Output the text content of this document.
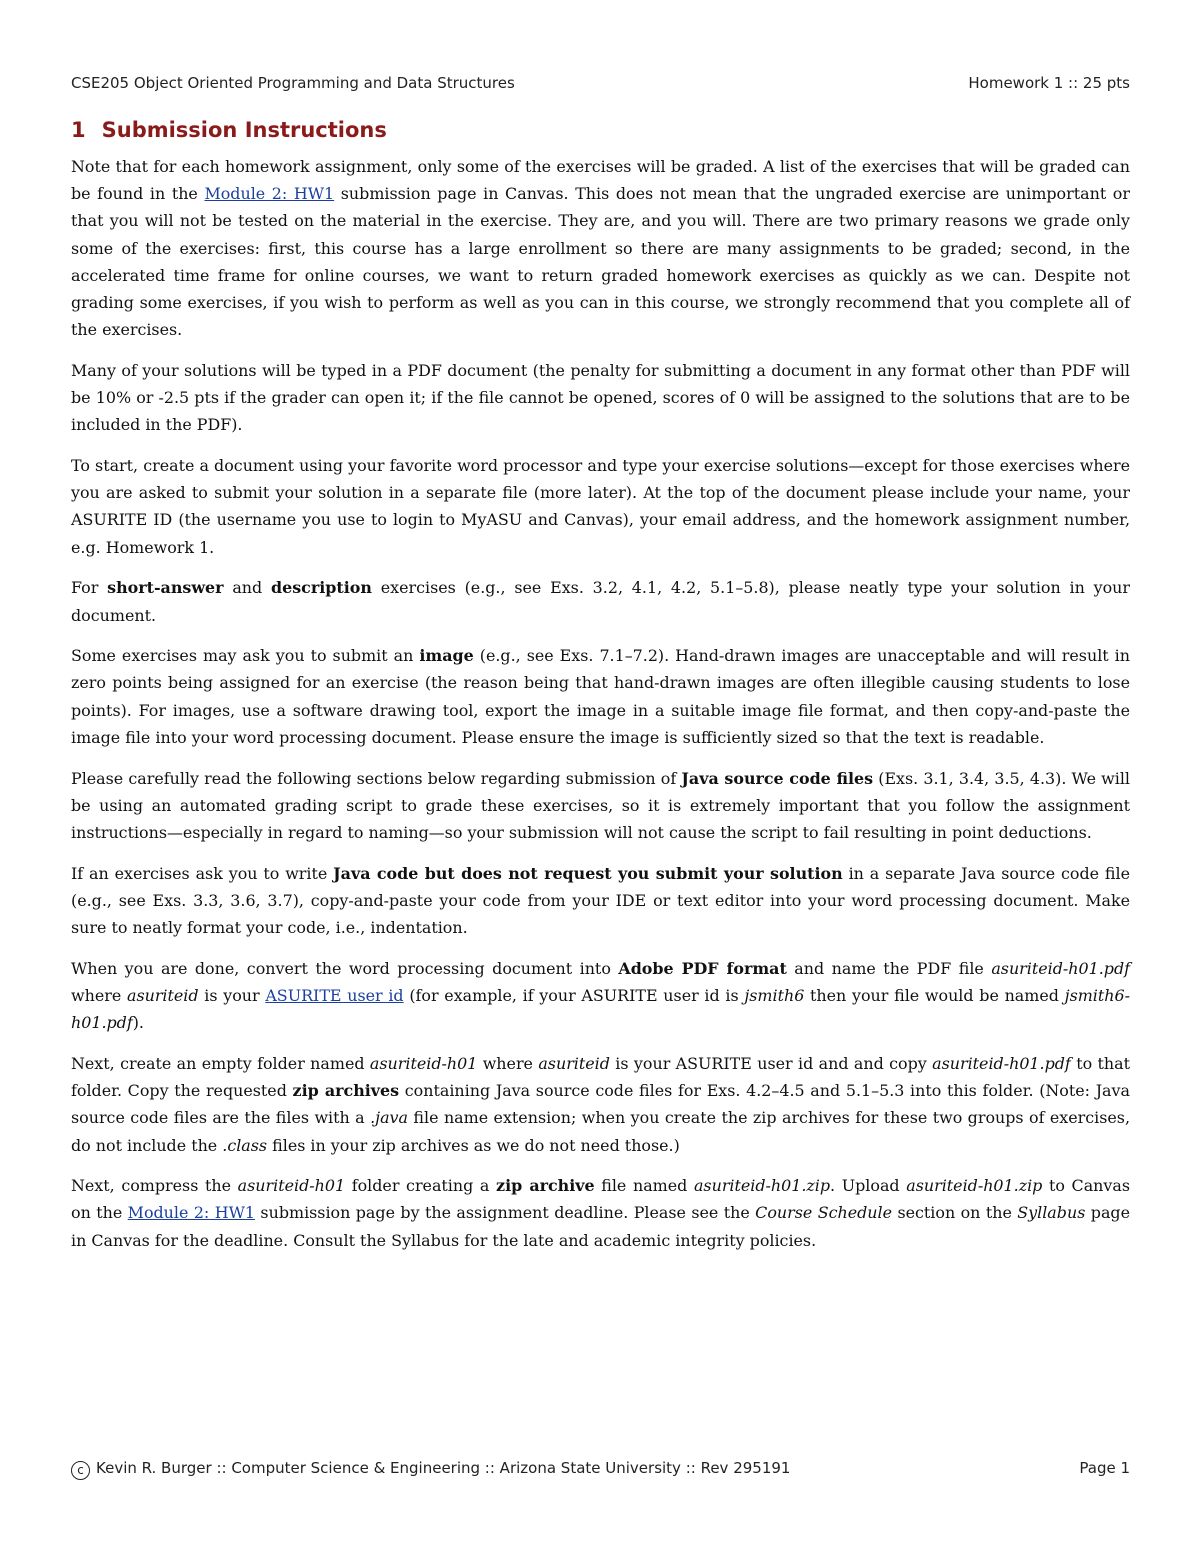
CSE205 Object Oriented Programming and Data Structures	Homework 1 :: 25 pts
1 Submission Instructions

Note that for each homework assignment, only some of the exercises will be graded. A list of the exercises that will be graded can be found in the Module 2: HW1 submission page in Canvas. This does not mean that the ungraded exercise are unimportant or that you will not be tested on the material in the exercise. They are, and you will. There are two primary reasons we grade only some of the exercises: first, this course has a large enrollment so there are many assignments to be graded; second, in the accelerated time frame for online courses, we want to return graded homework exercises as quickly as we can. Despite not grading some exercises, if you wish to perform as well as you can in this course, we strongly recommend that you complete all of the exercises.

Many of your solutions will be typed in a PDF document (the penalty for submitting a document in any format other than PDF will be 10% or -2.5 pts if the grader can open it; if the file cannot be opened, scores of 0 will be assigned to the solutions that are to be included in the PDF).

To start, create a document using your favorite word processor and type your exercise solutions—except for those exercises where you are asked to submit your solution in a separate file (more later). At the top of the document please include your name, your ASURITE ID (the username you use to login to MyASU and Canvas), your email address, and the homework assignment number, e.g. Homework 1.

For short-answer and description exercises (e.g., see Exs. 3.2, 4.1, 4.2, 5.1–5.8), please neatly type your solution in your document.

Some exercises may ask you to submit an image (e.g., see Exs. 7.1–7.2). Hand-drawn images are unacceptable and will result in zero points being assigned for an exercise (the reason being that hand-drawn images are often illegible causing students to lose points). For images, use a software drawing tool, export the image in a suitable image file format, and then copy-and-paste the image file into your word processing document. Please ensure the image is sufficiently sized so that the text is readable.

Please carefully read the following sections below regarding submission of Java source code files (Exs. 3.1, 3.4, 3.5, 4.3). We will be using an automated grading script to grade these exercises, so it is extremely important that you follow the assignment instructions—especially in regard to naming—so your submission will not cause the script to fail resulting in point deductions.

If an exercises ask you to write Java code but does not request you submit your solution in a separate Java source code file (e.g., see Exs. 3.3, 3.6, 3.7), copy-and-paste your code from your IDE or text editor into your word processing document. Make sure to neatly format your code, i.e., indentation.

When you are done, convert the word processing document into Adobe PDF format and name the PDF file asuriteid-h01.pdf where asuriteid is your ASURITE user id (for example, if your ASURITE user id is jsmith6 then your file would be named jsmith6-h01.pdf).

Next, create an empty folder named asuriteid-h01 where asuriteid is your ASURITE user id and and copy asuriteid-h01.pdf to that folder. Copy the requested zip archives containing Java source code files for Exs. 4.2–4.5 and 5.1–5.3 into this folder. (Note: Java source code files are the files with a .java file name extension; when you create the zip archives for these two groups of exercises, do not include the .class files in your zip archives as we do not need those.)

Next, compress the asuriteid-h01 folder creating a zip archive file named asuriteid-h01.zip. Upload asuriteid-h01.zip to Canvas on the Module 2: HW1 submission page by the assignment deadline. Please see the Course Schedule section on the Syllabus page in Canvas for the deadline. Consult the Syllabus for the late and academic integrity policies.

c Kevin R. Burger :: Computer Science & Engineering :: Arizona State University :: Rev 295191	Page 1
